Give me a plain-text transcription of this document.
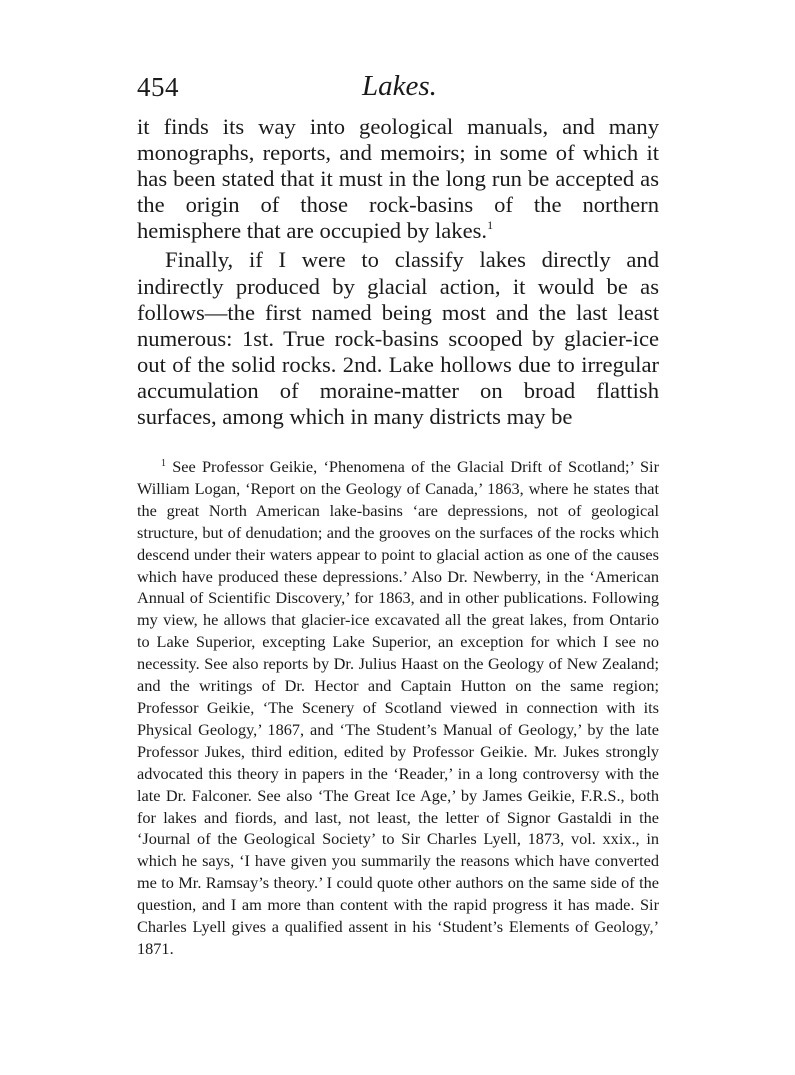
454	Lakes.

it finds its way into geological manuals, and many monographs, reports, and memoirs; in some of which it has been stated that it must in the long run be accepted as the origin of those rock-basins of the northern hemisphere that are occupied by lakes.$^1$

Finally, if I were to classify lakes directly and indirectly produced by glacial action, it would be as follows—the first named being most and the last least numerous: 1st. True rock-basins scooped by glacier-ice out of the solid rocks. 2nd. Lake hollows due to irregular accumulation of moraine-matter on broad flattish surfaces, among which in many districts may be

$^1$ See Professor Geikie, ‘Phenomena of the Glacial Drift of Scotland;’ Sir William Logan, ‘Report on the Geology of Canada,’ 1863, where he states that the great North American lake-basins ‘are depressions, not of geological structure, but of denudation; and the grooves on the surfaces of the rocks which descend under their waters appear to point to glacial action as one of the causes which have produced these depressions.’ Also Dr. Newberry, in the ‘American Annual of Scientific Discovery,’ for 1863, and in other publications. Following my view, he allows that glacier-ice excavated all the great lakes, from Ontario to Lake Superior, excepting Lake Superior, an exception for which I see no necessity. See also reports by Dr. Julius Haast on the Geology of New Zealand; and the writings of Dr. Hector and Captain Hutton on the same region; Professor Geikie, ‘The Scenery of Scotland viewed in connection with its Physical Geology,’ 1867, and ‘The Student’s Manual of Geology,’ by the late Professor Jukes, third edition, edited by Professor Geikie. Mr. Jukes strongly advocated this theory in papers in the ‘Reader,’ in a long controversy with the late Dr. Falconer. See also ‘The Great Ice Age,’ by James Geikie, F.R.S., both for lakes and fiords, and last, not least, the letter of Signor Gastaldi in the ‘Journal of the Geological Society’ to Sir Charles Lyell, 1873, vol. xxix., in which he says, ‘I have given you summarily the reasons which have converted me to Mr. Ramsay’s theory.’ I could quote other authors on the same side of the question, and I am more than content with the rapid progress it has made. Sir Charles Lyell gives a qualified assent in his ‘Student’s Elements of Geology,’ 1871.
